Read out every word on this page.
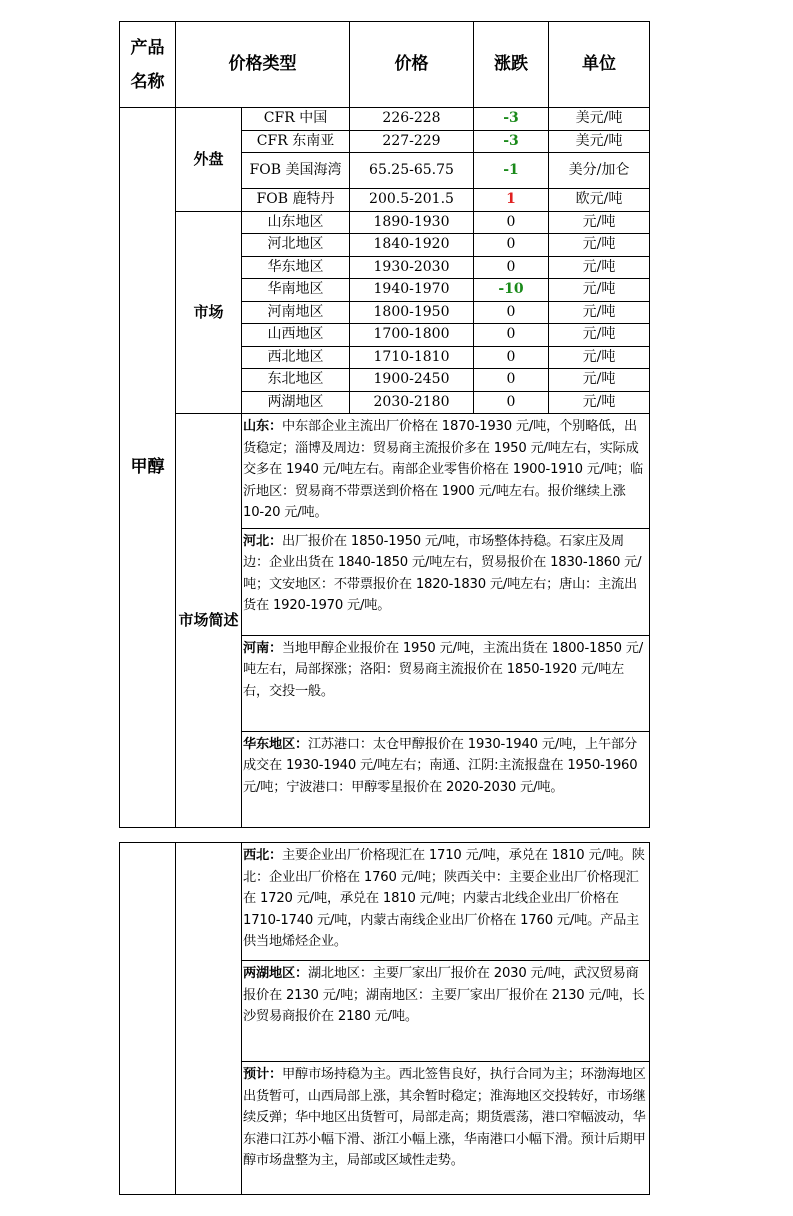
产品
名称	价格类型		价格	涨跌	单位
甲醇	外盘	CFR 中国	226-228	-3	美元/吨
		CFR 东南亚	227-229	-3	美元/吨
		FOB 美国海湾	65.25-65.75	-1	美分/加仑
		FOB 鹿特丹	200.5-201.5	1	欧元/吨
	市场	山东地区	1890-1930	0	元/吨
		河北地区	1840-1920	0	元/吨
		华东地区	1930-2030	0	元/吨
		华南地区	1940-1970	-10	元/吨
		河南地区	1800-1950	0	元/吨
		山西地区	1700-1800	0	元/吨
		西北地区	1710-1810	0	元/吨
		东北地区	1900-2450	0	元/吨
		两湖地区	2030-2180	0	元/吨
	市场简述	山东：中东部企业主流出厂价格在 1870-1930 元/吨，个别略低，出货稳定；淄博及周边：贸易商主流报价多在 1950 元/吨左右，实际成交多在 1940 元/吨左右。南部企业零售价格在 1900-1910 元/吨；临沂地区：贸易商不带票送到价格在 1900 元/吨左右。报价继续上涨 10-20 元/吨。			
		河北：出厂报价在 1850-1950 元/吨，市场整体持稳。石家庄及周边：企业出货在 1840-1850 元/吨左右，贸易报价在 1830-1860 元/吨；文安地区：不带票报价在 1820-1830 元/吨左右；唐山：主流出货在 1920-1970 元/吨。			
		河南：当地甲醇企业报价在 1950 元/吨，主流出货在 1800-1850 元/吨左右，局部探涨；洛阳：贸易商主流报价在 1850-1920 元/吨左右，交投一般。			
		华东地区：江苏港口：太仓甲醇报价在 1930-1940 元/吨，上午部分成交在 1930-1940 元/吨左右；南通、江阴:主流报盘在 1950-1960 元/吨；宁波港口：甲醇零星报价在 2020-2030 元/吨。			
		西北：主要企业出厂价格现汇在 1710 元/吨，承兑在 1810 元/吨。陕北：企业出厂价格在 1760 元/吨；陕西关中：主要企业出厂价格现汇在 1720 元/吨，承兑在 1810 元/吨；内蒙古北线企业出厂价格在 1710-1740 元/吨，内蒙古南线企业出厂价格在 1760 元/吨。产品主供当地烯烃企业。
两湖地区：湖北地区：主要厂家出厂报价在 2030 元/吨，武汉贸易商报价在 2130 元/吨；湖南地区：主要厂家出厂报价在 2130 元/吨，长沙贸易商报价在 2180 元/吨。
预计：甲醇市场持稳为主。西北签售良好，执行合同为主；环渤海地区出货暂可，山西局部上涨，其余暂时稳定；淮海地区交投转好，市场继续反弹；华中地区出货暂可，局部走高；期货震荡，港口窄幅波动，华东港口江苏小幅下滑、浙江小幅上涨，华南港口小幅下滑。预计后期甲醇市场盘整为主，局部或区域性走势。
